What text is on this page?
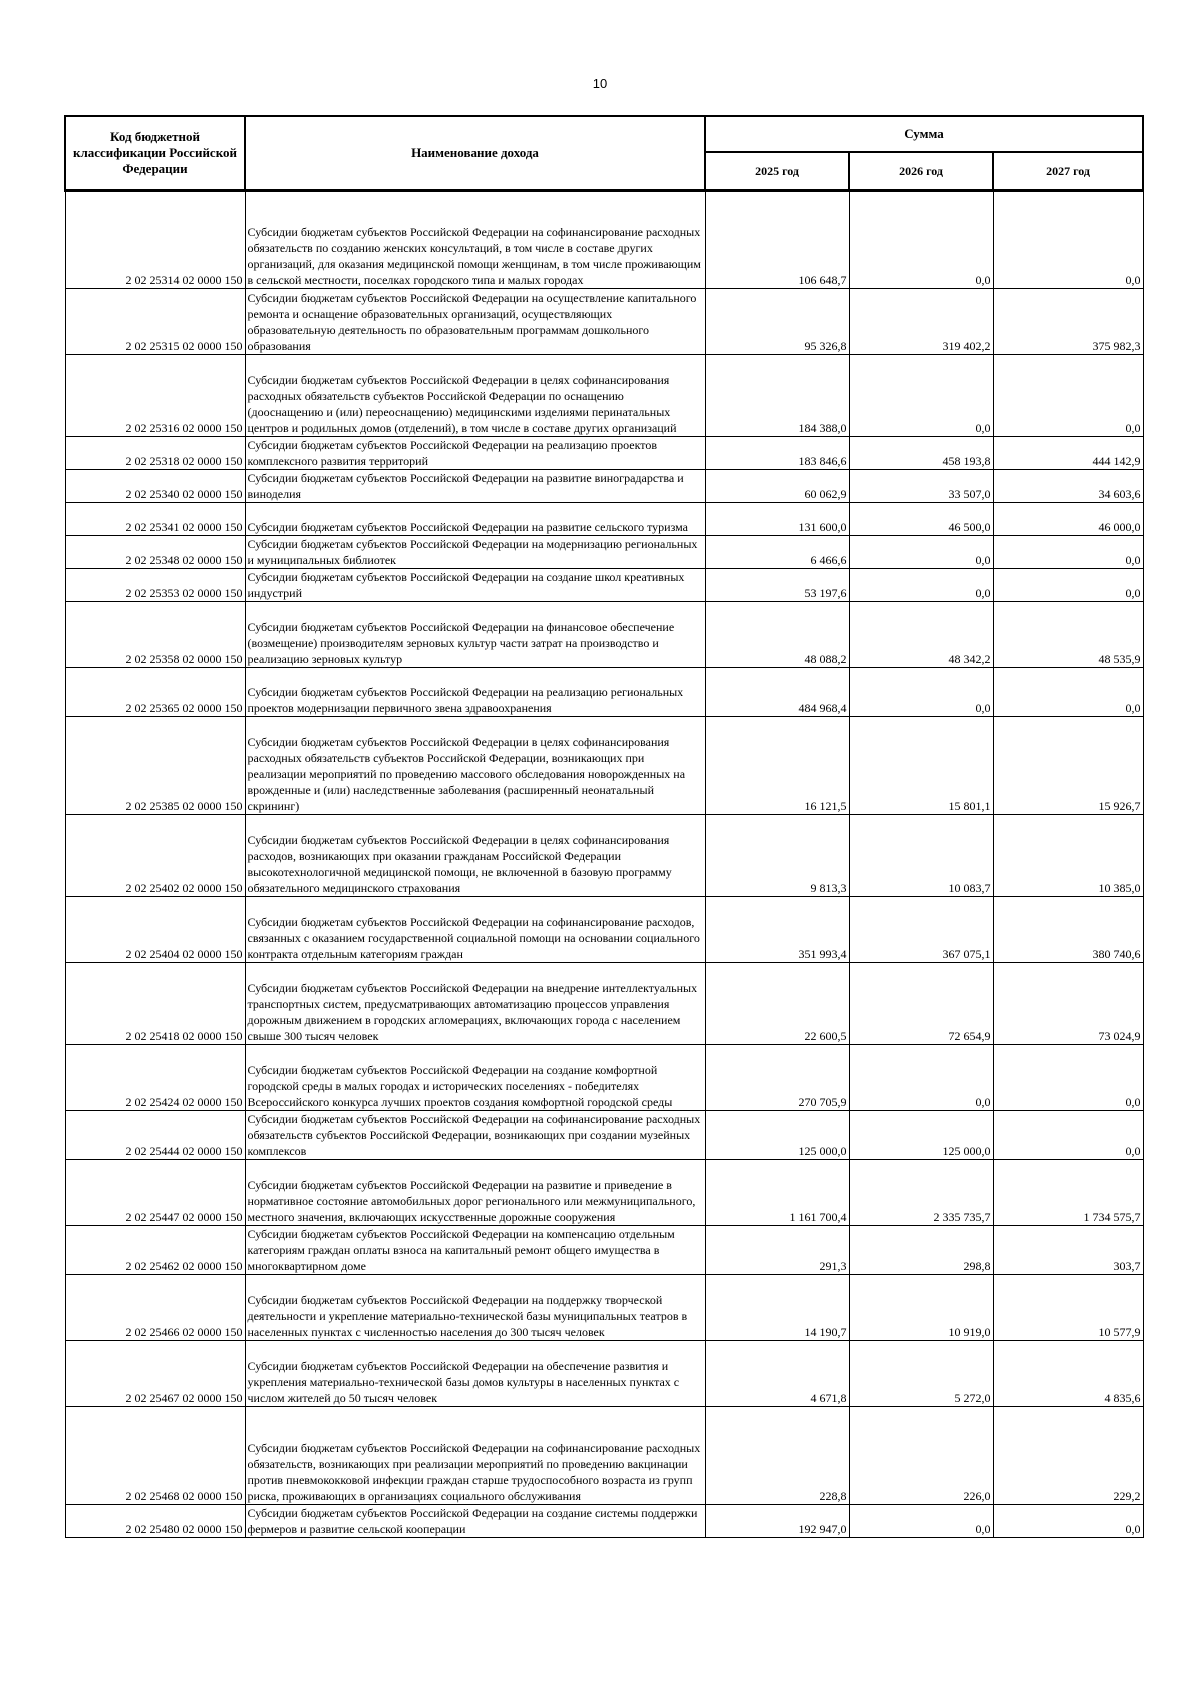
10
Код бюджетной классификации Российской Федерации	Наименование дохода	Сумма		
		2025 год	2026 год	2027 год
2 02 25314 02 0000 150	Субсидии бюджетам субъектов Российской Федерации на софинансирование расходных обязательств по созданию женских консультаций, в том числе в составе других организаций, для оказания медицинской помощи женщинам, в том числе проживающим в сельской местности, поселках городского типа и малых городах	106 648,7	0,0	0,0
2 02 25315 02 0000 150	Субсидии бюджетам субъектов Российской Федерации на осуществление капитального ремонта и оснащение образовательных организаций, осуществляющих образовательную деятельность по образовательным программам дошкольного образования	95 326,8	319 402,2	375 982,3
2 02 25316 02 0000 150	Субсидии бюджетам субъектов Российской Федерации в целях софинансирования расходных обязательств субъектов Российской Федерации по оснащению (дооснащению и (или) переоснащению) медицинскими изделиями перинатальных центров и родильных домов (отделений), в том числе в составе других организаций	184 388,0	0,0	0,0
2 02 25318 02 0000 150	Субсидии бюджетам субъектов Российской Федерации на реализацию проектов комплексного развития территорий	183 846,6	458 193,8	444 142,9
2 02 25340 02 0000 150	Субсидии бюджетам субъектов Российской Федерации на развитие виноградарства и виноделия	60 062,9	33 507,0	34 603,6
2 02 25341 02 0000 150	Субсидии бюджетам субъектов Российской Федерации на развитие сельского туризма	131 600,0	46 500,0	46 000,0
2 02 25348 02 0000 150	Субсидии бюджетам субъектов Российской Федерации на модернизацию региональных и муниципальных библиотек	6 466,6	0,0	0,0
2 02 25353 02 0000 150	Субсидии бюджетам субъектов Российской Федерации на создание школ креативных индустрий	53 197,6	0,0	0,0
2 02 25358 02 0000 150	Субсидии бюджетам субъектов Российской Федерации на финансовое обеспечение (возмещение) производителям зерновых культур части затрат на производство и реализацию зерновых культур	48 088,2	48 342,2	48 535,9
2 02 25365 02 0000 150	Субсидии бюджетам субъектов Российской Федерации на реализацию региональных проектов модернизации первичного звена здравоохранения	484 968,4	0,0	0,0
2 02 25385 02 0000 150	Субсидии бюджетам субъектов Российской Федерации в целях софинансирования расходных обязательств субъектов Российской Федерации, возникающих при реализации мероприятий по проведению массового обследования новорожденных на врожденные и (или) наследственные заболевания (расширенный неонатальный скрининг)	16 121,5	15 801,1	15 926,7
2 02 25402 02 0000 150	Субсидии бюджетам субъектов Российской Федерации в целях софинансирования расходов, возникающих при оказании гражданам Российской Федерации высокотехнологичной медицинской помощи, не включенной в базовую программу обязательного медицинского страхования	9 813,3	10 083,7	10 385,0
2 02 25404 02 0000 150	Субсидии бюджетам субъектов Российской Федерации на софинансирование расходов, связанных с оказанием государственной социальной помощи на основании социального контракта отдельным категориям граждан	351 993,4	367 075,1	380 740,6
2 02 25418 02 0000 150	Субсидии бюджетам субъектов Российской Федерации на внедрение интеллектуальных транспортных систем, предусматривающих автоматизацию процессов управления дорожным движением в городских агломерациях, включающих города с населением свыше 300 тысяч человек	22 600,5	72 654,9	73 024,9
2 02 25424 02 0000 150	Субсидии бюджетам субъектов Российской Федерации на создание комфортной городской среды в малых городах и исторических поселениях - победителях Всероссийского конкурса лучших проектов создания комфортной городской среды	270 705,9	0,0	0,0
2 02 25444 02 0000 150	Субсидии бюджетам субъектов Российской Федерации на софинансирование расходных обязательств субъектов Российской Федерации, возникающих при создании музейных комплексов	125 000,0	125 000,0	0,0
2 02 25447 02 0000 150	Субсидии бюджетам субъектов Российской Федерации на развитие и приведение в нормативное состояние автомобильных дорог регионального или межмуниципального, местного значения, включающих искусственные дорожные сооружения	1 161 700,4	2 335 735,7	1 734 575,7
2 02 25462 02 0000 150	Субсидии бюджетам субъектов Российской Федерации на компенсацию отдельным категориям граждан оплаты взноса на капитальный ремонт общего имущества в многоквартирном доме	291,3	298,8	303,7
2 02 25466 02 0000 150	Субсидии бюджетам субъектов Российской Федерации на поддержку творческой деятельности и укрепление материально-технической базы муниципальных театров в населенных пунктах с численностью населения до 300 тысяч человек	14 190,7	10 919,0	10 577,9
2 02 25467 02 0000 150	Субсидии бюджетам субъектов Российской Федерации на обеспечение развития и укрепления материально-технической базы домов культуры в населенных пунктах с числом жителей до 50 тысяч человек	4 671,8	5 272,0	4 835,6
2 02 25468 02 0000 150	Субсидии бюджетам субъектов Российской Федерации на софинансирование расходных обязательств, возникающих при реализации мероприятий по проведению вакцинации против пневмококковой инфекции граждан старше трудоспособного возраста из групп риска, проживающих в организациях социального обслуживания	228,8	226,0	229,2
2 02 25480 02 0000 150	Субсидии бюджетам субъектов Российской Федерации на создание системы поддержки фермеров и развитие сельской кооперации	192 947,0	0,0	0,0
